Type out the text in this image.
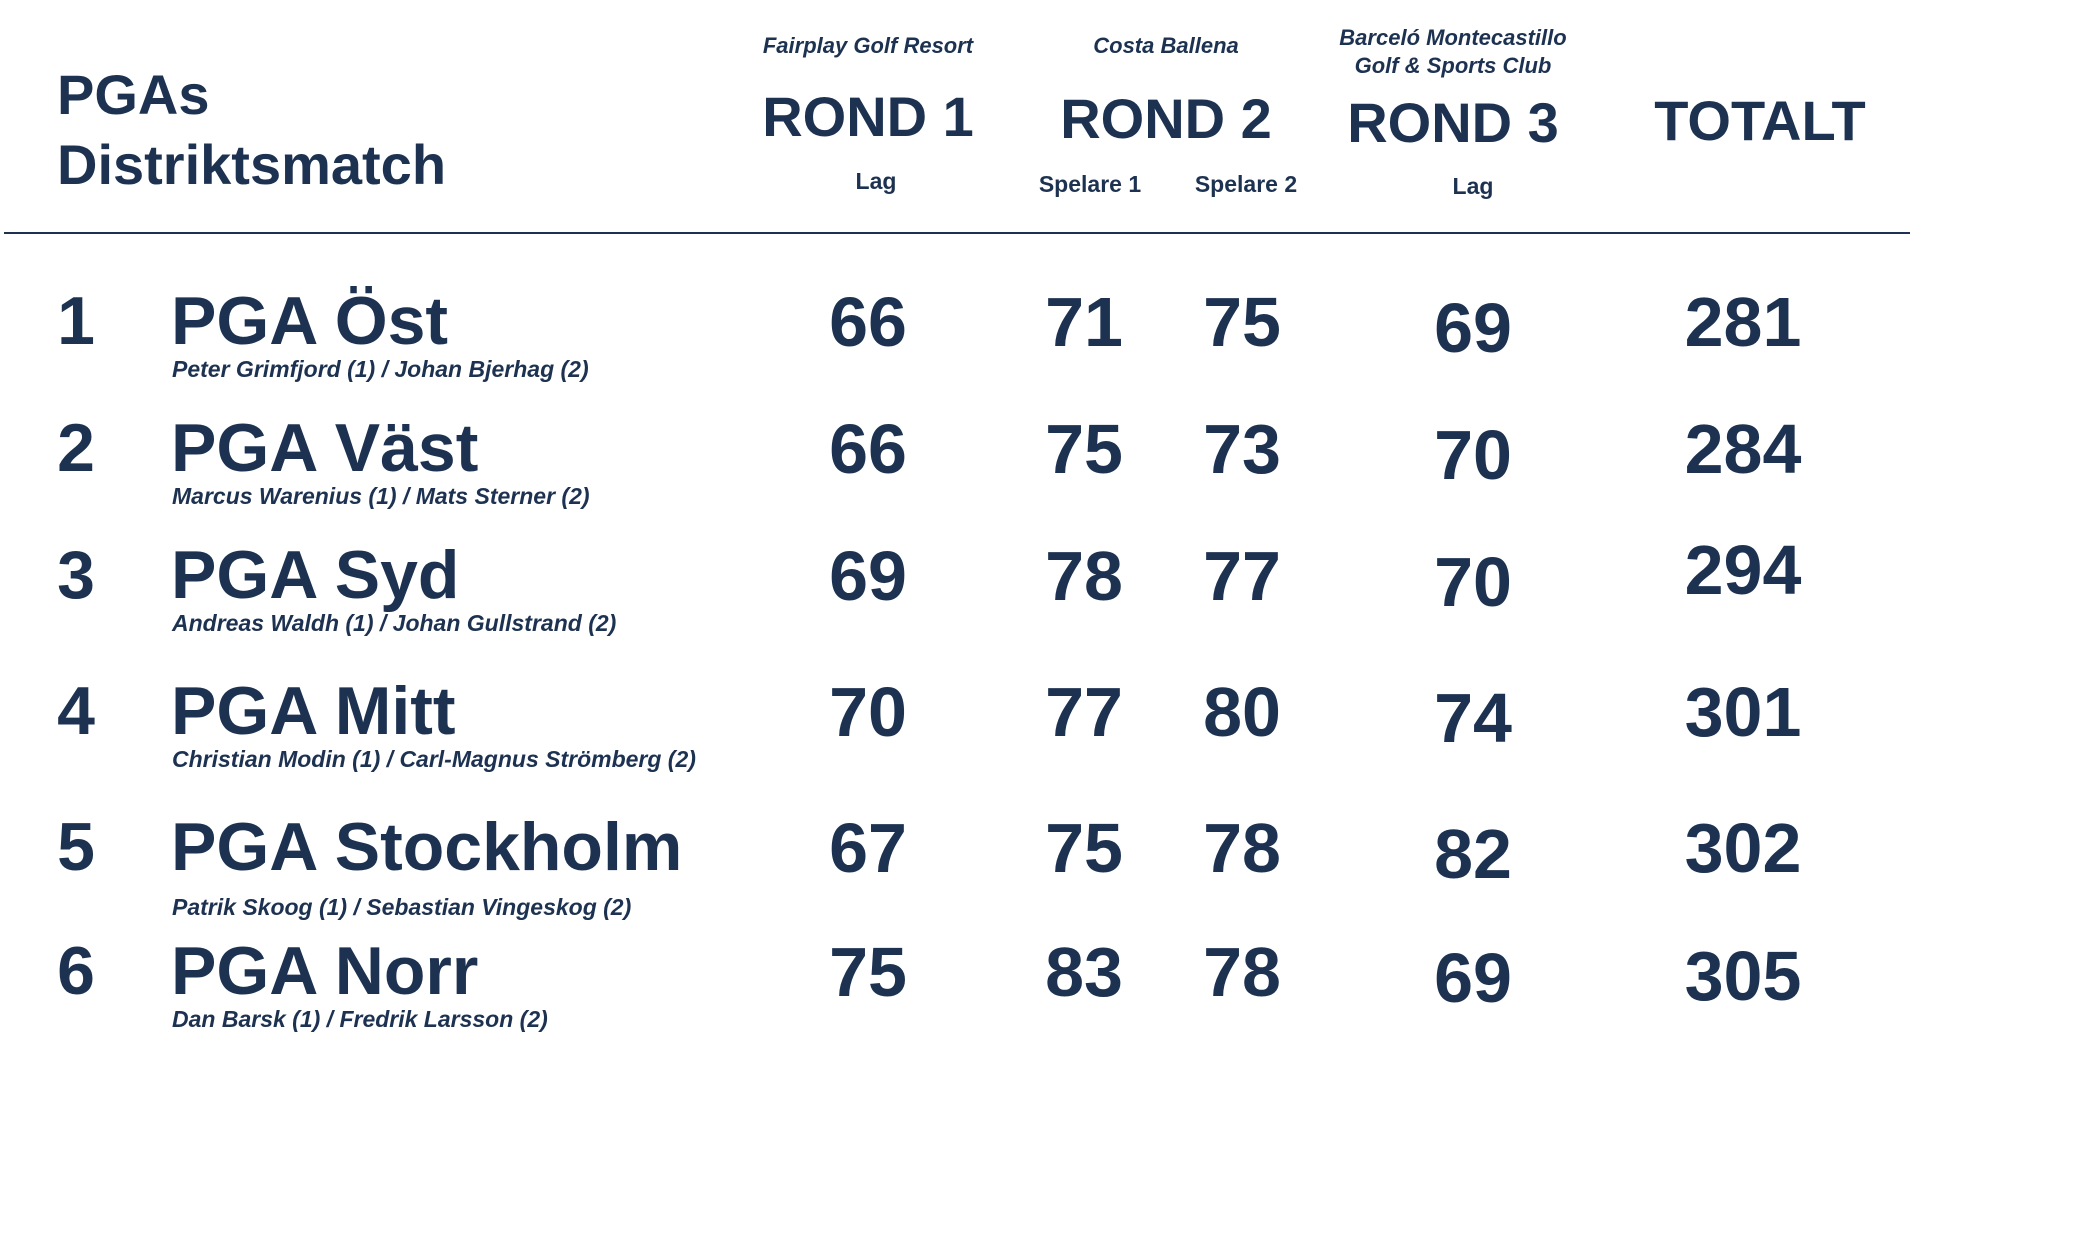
PGAs
Distriktsmatch
Fairplay Golf Resort
ROND 1
Lag
Costa Ballena
ROND 2
Spelare 1	Spelare 2
Barceló Montecastillo
Golf & Sports Club
ROND 3
Lag
TOTALT
1 PGA Öst
Peter Grimfjord (1) / Johan Bjerhag (2)
66	71	75	69	281
2 PGA Väst
Marcus Warenius (1) / Mats Sterner (2)
66	75	73	70	284
3 PGA Syd
Andreas Waldh (1) / Johan Gullstrand (2)
69	78	77	70	294
4 PGA Mitt
Christian Modin (1) / Carl-Magnus Strömberg (2)
70	77	80	74	301
5 PGA Stockholm
Patrik Skoog (1) / Sebastian Vingeskog (2)
67	75	78	82	302
6 PGA Norr
Dan Barsk (1) / Fredrik Larsson (2)
75	83	78	69	305
